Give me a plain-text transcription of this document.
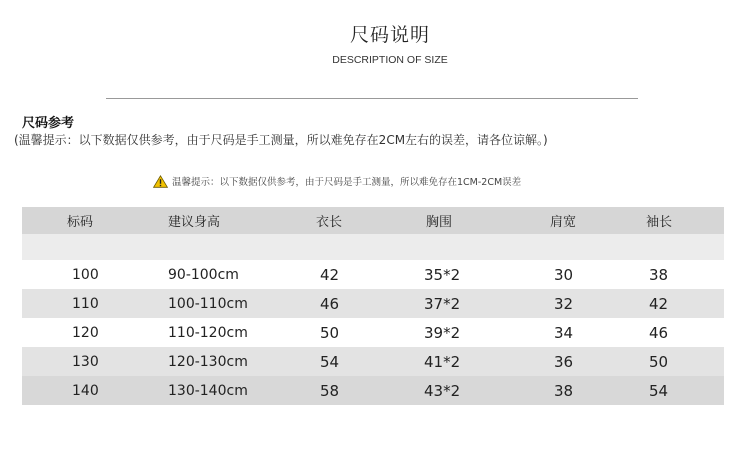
尺码说明
DESCRIPTION OF SIZE
尺码参考
(温馨提示：以下数据仅供参考，由于尺码是手工测量，所以难免存在2CM左右的误差，请各位谅解。)
温馨提示：以下数据仅供参考，由于尺码是手工测量，所以难免存在1CM-2CM误差
标码	建议身高	衣长	胸围	肩宽	袖长
100	90-100cm	42	35*2	30	38
110	100-110cm	46	37*2	32	42
120	110-120cm	50	39*2	34	46
130	120-130cm	54	41*2	36	50
140	130-140cm	58	43*2	38	54
